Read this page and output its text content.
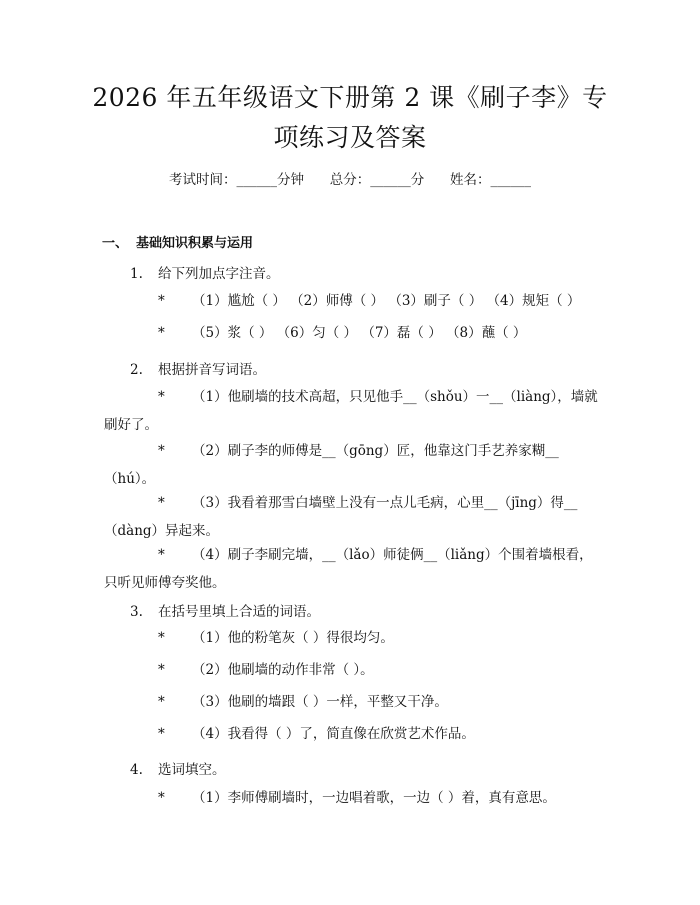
2026 年五年级语文下册第 2 课《刷子李》专
项练习及答案
考试时间：______分钟      总分：______分      姓名：______
一、 基础知识积累与运用
1. 给下列加点字注音。
* （1）尴尬（ ） （2）师傅（ ） （3）刷子（ ） （4）规矩（ ）
* （5）浆（ ） （6）匀（ ） （7）磊（ ） （8）蘸（ ）
2. 根据拼音写词语。
* （1）他刷墙的技术高超，只见他手__（shǒu）一__（liàng），墙就刷好了。
* （2）刷子李的师傅是__（gōng）匠，他靠这门手艺养家糊__（hú）。
* （3）我看着那雪白墙壁上没有一点儿毛病，心里__（jīng）得__（dàng）异起来。
* （4）刷子李刷完墙，__（lǎo）师徒俩__（liǎng）个围着墙根看，只听见师傅夸奖他。
3. 在括号里填上合适的词语。
* （1）他的粉笔灰（ ）得很均匀。
* （2）他刷墙的动作非常（ ）。
* （3）他刷的墙跟（ ）一样，平整又干净。
* （4）我看得（ ）了，简直像在欣赏艺术作品。
4. 选词填空。
* （1）李师傅刷墙时，一边唱着歌，一边（ ）着，真有意思。
